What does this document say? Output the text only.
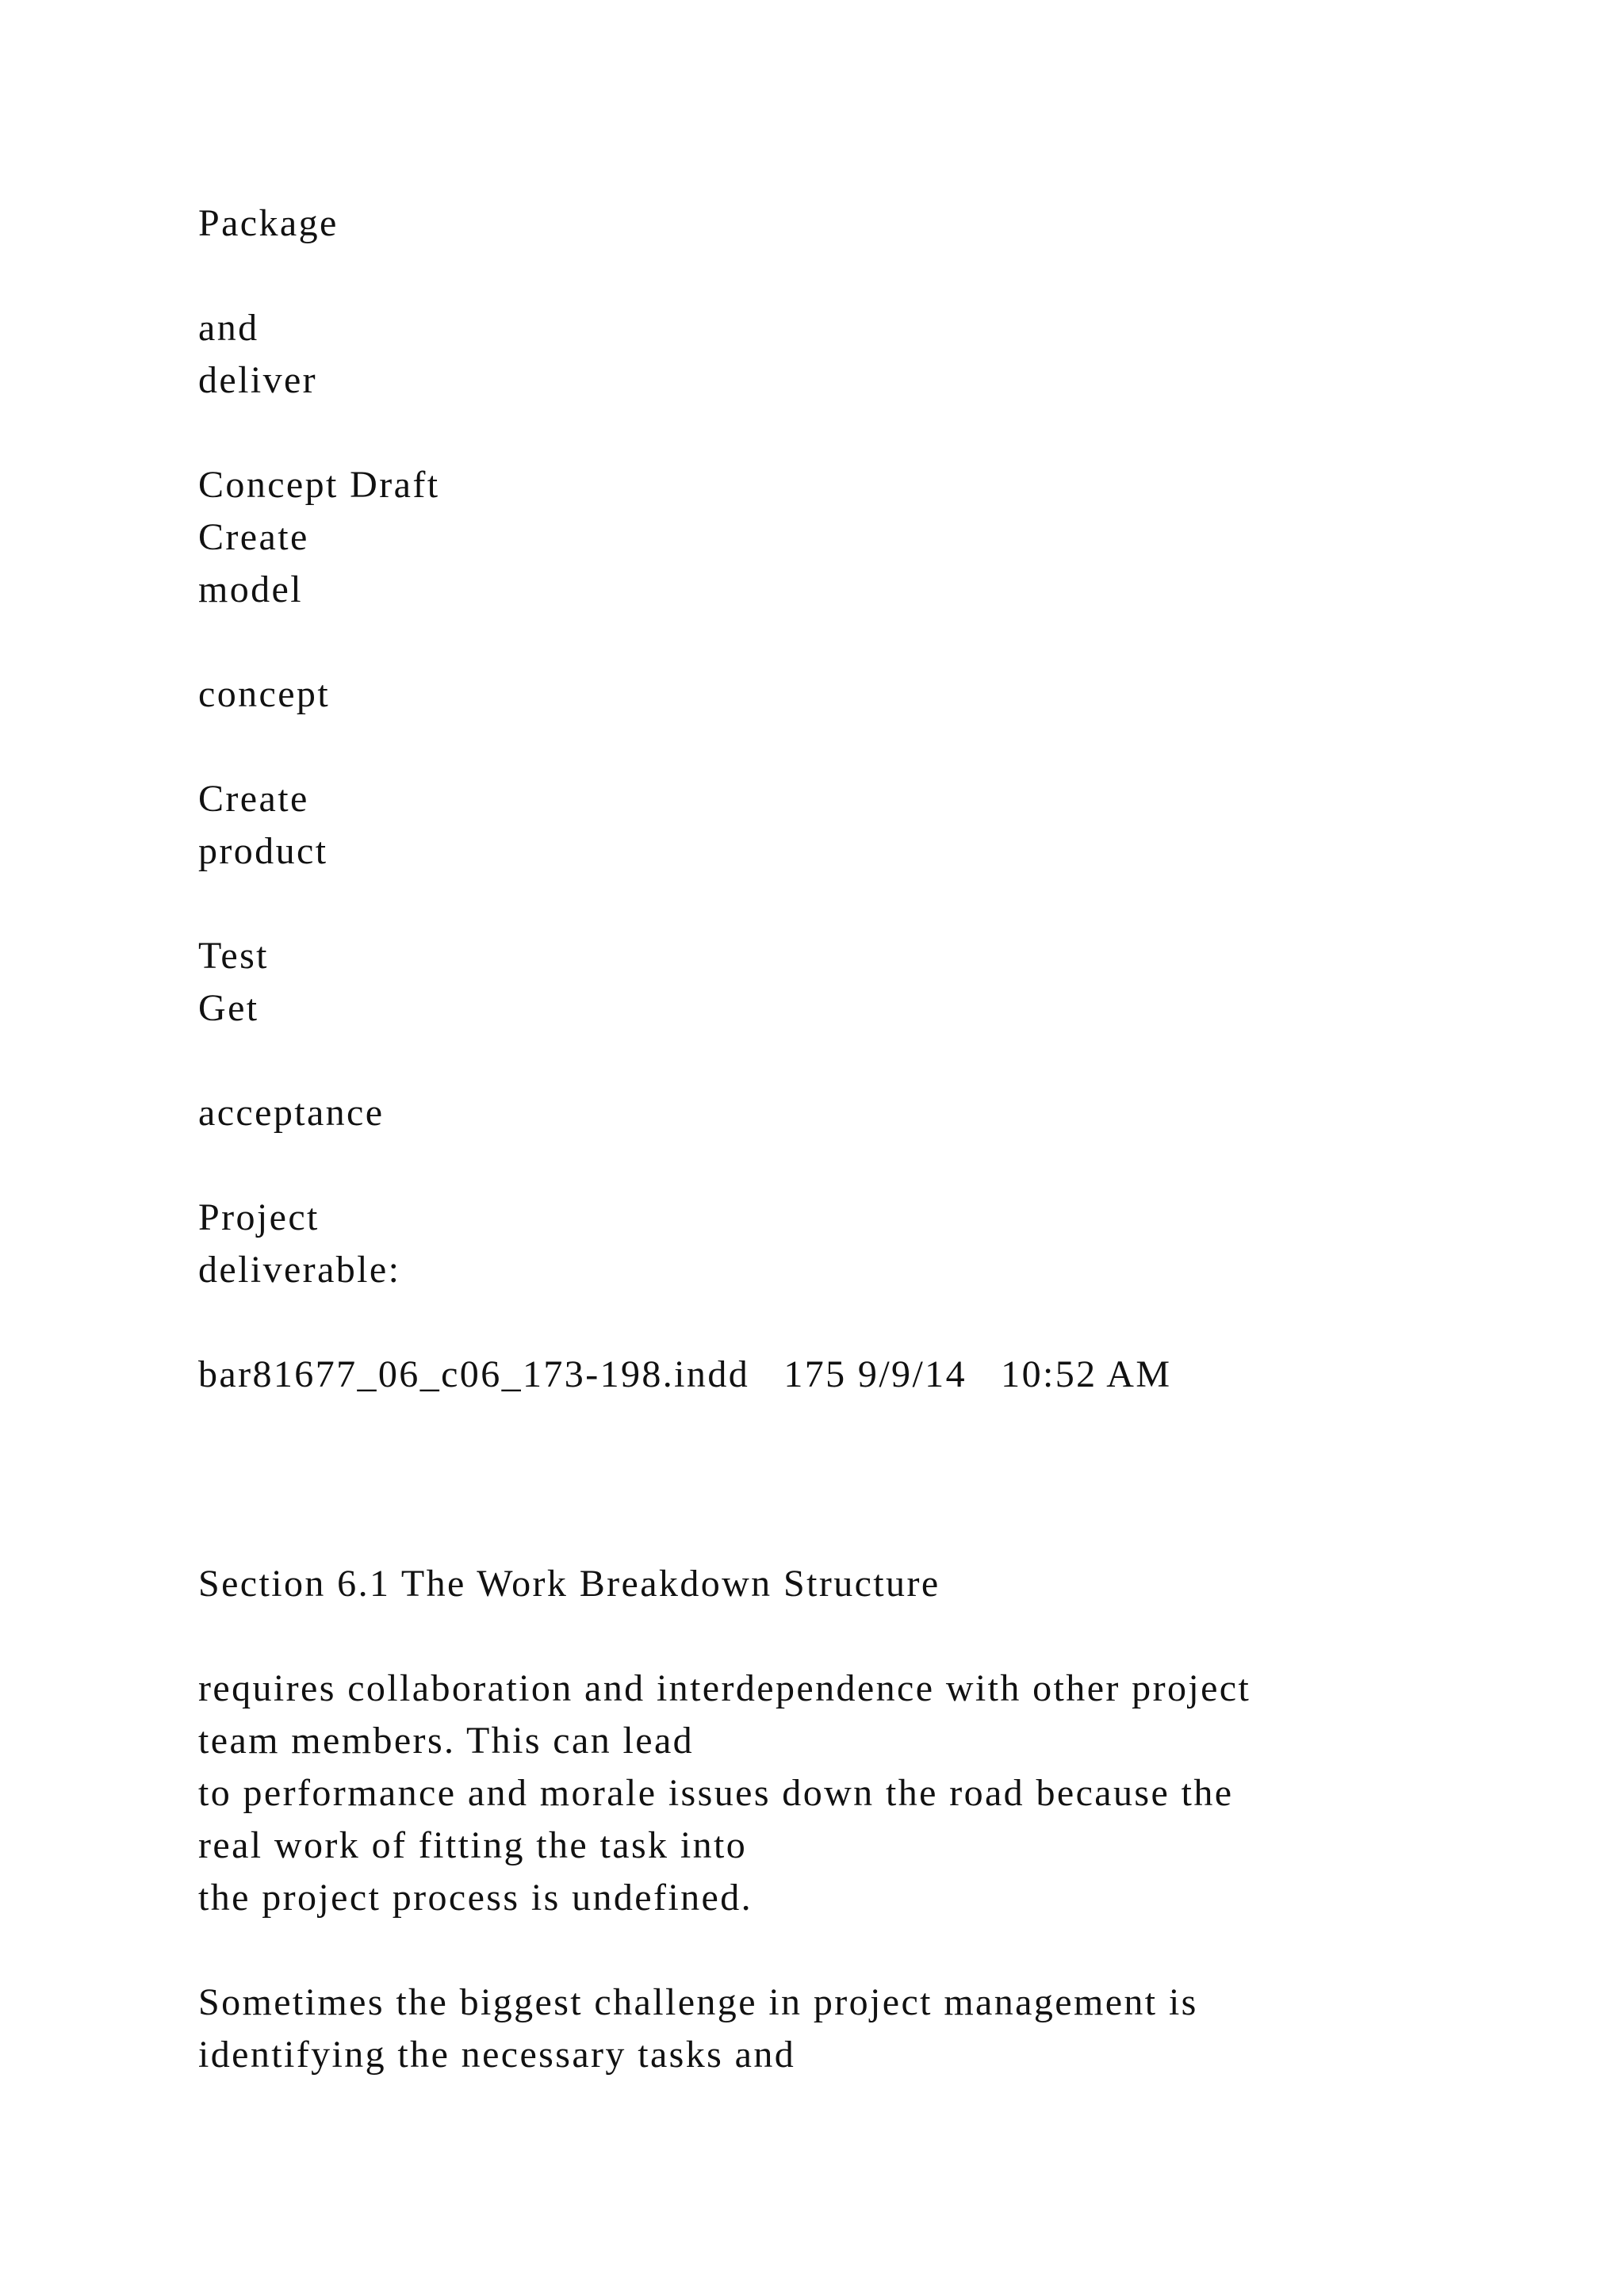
Package
and
deliver
Concept Draft
Create
model
concept
Create
product
Test
Get
acceptance
Project
deliverable:
bar81677_06_c06_173-198.indd   175 9/9/14   10:52 AM
Section 6.1 The Work Breakdown Structure
requires collaboration and interdependence with other project
team members. This can lead
to performance and morale issues down the road because the
real work of fitting the task into
the project process is undefined.
Sometimes the biggest challenge in project management is
identifying the necessary tasks and
